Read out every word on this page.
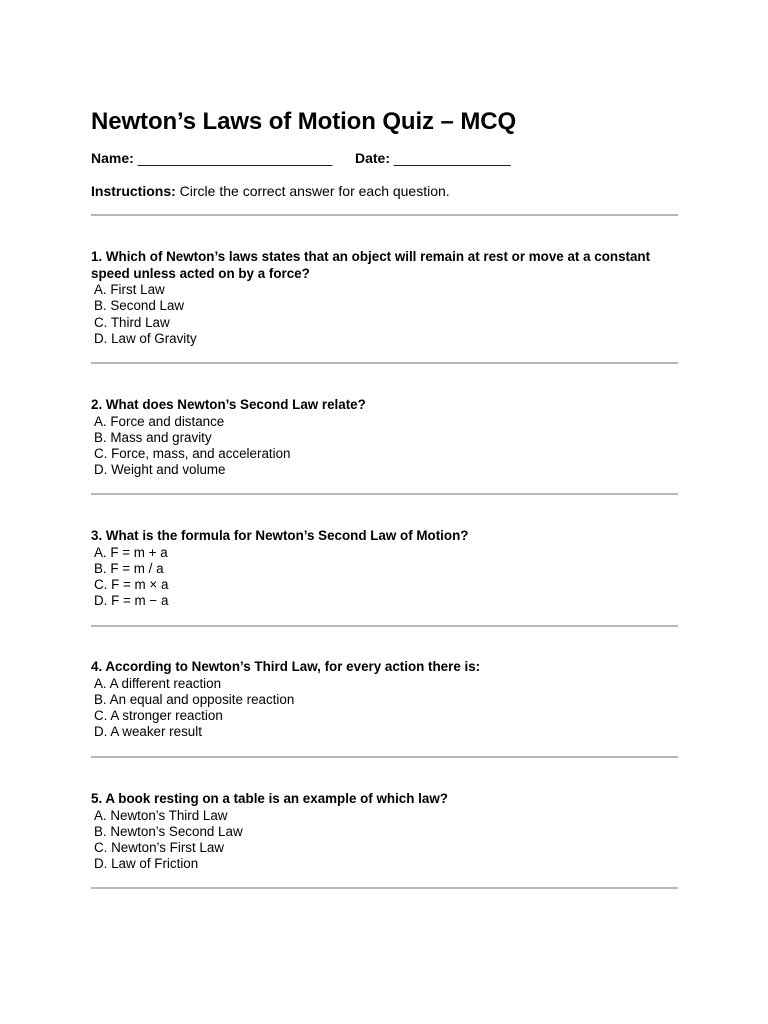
Newton’s Laws of Motion Quiz – MCQ
Name: _________________________ Date: _______________
Instructions: Circle the correct answer for each question.

1. Which of Newton’s laws states that an object will remain at rest or move at a constant speed unless acted on by a force?

A. First Law
B. Second Law
C. Third Law
D. Law of Gravity

2. What does Newton’s Second Law relate?

A. Force and distance
B. Mass and gravity
C. Force, mass, and acceleration
D. Weight and volume

3. What is the formula for Newton’s Second Law of Motion?

A. F = m + a
B. F = m / a
C. F = m × a
D. F = m − a

4. According to Newton’s Third Law, for every action there is:

A. A different reaction
B. An equal and opposite reaction
C. A stronger reaction
D. A weaker result

5. A book resting on a table is an example of which law?

A. Newton’s Third Law
B. Newton’s Second Law
C. Newton’s First Law
D. Law of Friction
